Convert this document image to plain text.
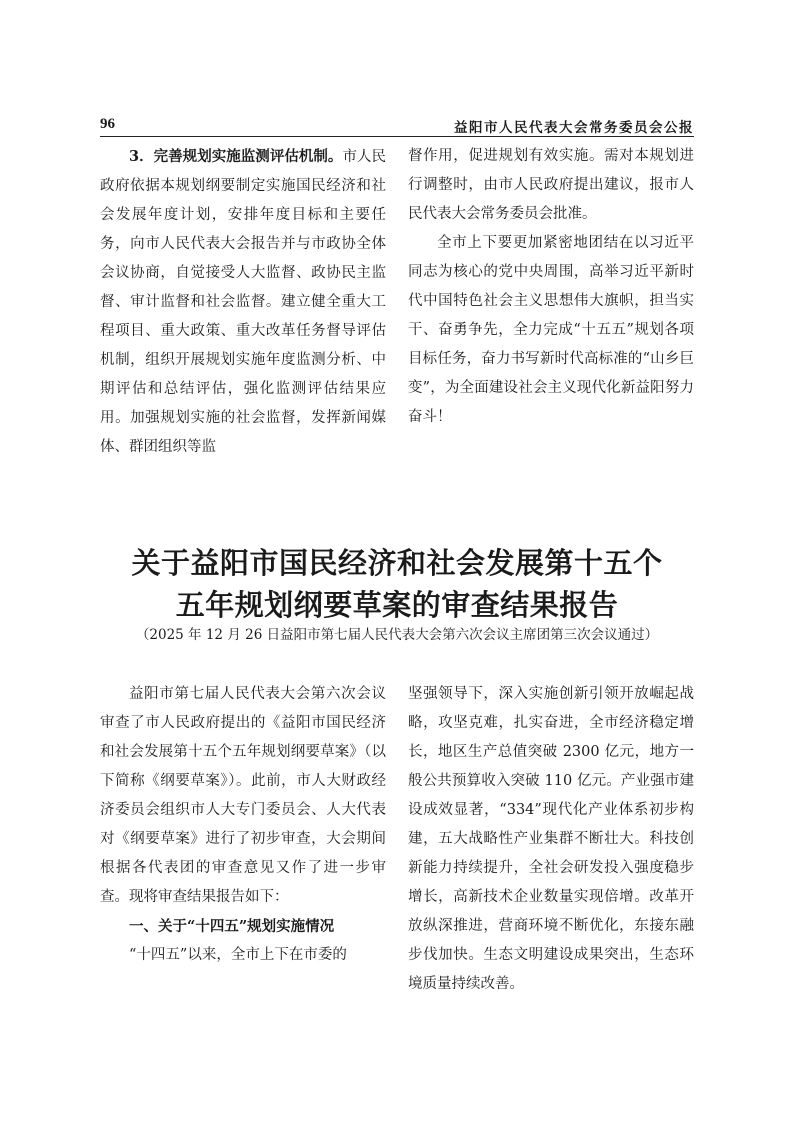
96	益阳市人民代表大会常务委员会公报

3．完善规划实施监测评估机制。市人民政府依据本规划纲要制定实施国民经济和社会发展年度计划，安排年度目标和主要任务，向市人民代表大会报告并与市政协全体会议协商，自觉接受人大监督、政协民主监督、审计监督和社会监督。建立健全重大工程项目、重大政策、重大改革任务督导评估机制，组织开展规划实施年度监测分析、中期评估和总结评估，强化监测评估结果应用。加强规划实施的社会监督，发挥新闻媒体、群团组织等监

督作用，促进规划有效实施。需对本规划进行调整时，由市人民政府提出建议，报市人民代表大会常务委员会批准。

全市上下要更加紧密地团结在以习近平同志为核心的党中央周围，高举习近平新时代中国特色社会主义思想伟大旗帜，担当实干、奋勇争先，全力完成“十五五”规划各项目标任务，奋力书写新时代高标准的“山乡巨变”，为全面建设社会主义现代化新益阳努力奋斗！

关于益阳市国民经济和社会发展第十五个
五年规划纲要草案的审查结果报告

（2025 年 12 月 26 日益阳市第七届人民代表大会第六次会议主席团第三次会议通过）

益阳市第七届人民代表大会第六次会议审查了市人民政府提出的《益阳市国民经济和社会发展第十五个五年规划纲要草案》（以下简称《纲要草案》）。此前，市人大财政经济委员会组织市人大专门委员会、人大代表对《纲要草案》进行了初步审查，大会期间根据各代表团的审查意见又作了进一步审查。现将审查结果报告如下：

一、关于“十四五”规划实施情况

“十四五”以来，全市上下在市委的

坚强领导下，深入实施创新引领开放崛起战略，攻坚克难，扎实奋进，全市经济稳定增长，地区生产总值突破 2300 亿元，地方一般公共预算收入突破 110 亿元。产业强市建设成效显著，“334”现代化产业体系初步构建，五大战略性产业集群不断壮大。科技创新能力持续提升，全社会研发投入强度稳步增长，高新技术企业数量实现倍增。改革开放纵深推进，营商环境不断优化，东接东融步伐加快。生态文明建设成果突出，生态环境质量持续改善。
